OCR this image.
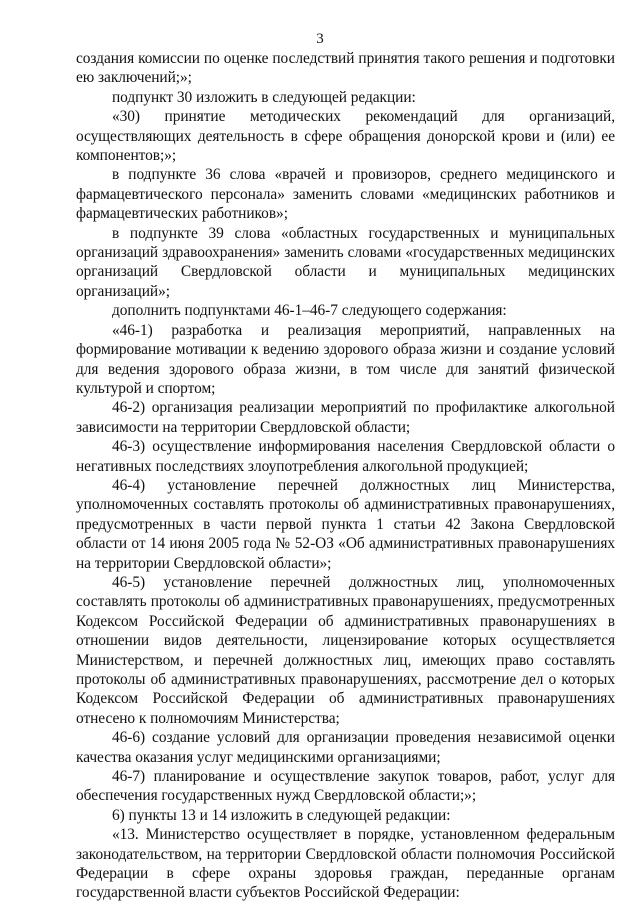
3

создания комиссии по оценке последствий принятия такого решения и подготовки ею заключений;»;

подпункт 30 изложить в следующей редакции:

«30) принятие методических рекомендаций для организаций, осуществляющих деятельность в сфере обращения донорской крови и (или) ее компонентов;»;

в подпункте 36 слова «врачей и провизоров, среднего медицинского и фармацевтического персонала» заменить словами «медицинских работников и фармацевтических работников»;

в подпункте 39 слова «областных государственных и муниципальных организаций здравоохранения» заменить словами «государственных медицинских организаций Свердловской области и муниципальных медицинских организаций»;

дополнить подпунктами 46-1–46-7 следующего содержания:

«46-1) разработка и реализация мероприятий, направленных на формирование мотивации к ведению здорового образа жизни и создание условий для ведения здорового образа жизни, в том числе для занятий физической культурой и спортом;

46-2) организация реализации мероприятий по профилактике алкогольной зависимости на территории Свердловской области;

46-3) осуществление информирования населения Свердловской области о негативных последствиях злоупотребления алкогольной продукцией;

46-4) установление перечней должностных лиц Министерства, уполномоченных составлять протоколы об административных правонарушениях, предусмотренных в части первой пункта 1 статьи 42 Закона Свердловской области от 14 июня 2005 года № 52-ОЗ «Об административных правонарушениях на территории Свердловской области»;

46-5) установление перечней должностных лиц, уполномоченных составлять протоколы об административных правонарушениях, предусмотренных Кодексом Российской Федерации об административных правонарушениях в отношении видов деятельности, лицензирование которых осуществляется Министерством, и перечней должностных лиц, имеющих право составлять протоколы об административных правонарушениях, рассмотрение дел о которых Кодексом Российской Федерации об административных правонарушениях отнесено к полномочиям Министерства;

46-6) создание условий для организации проведения независимой оценки качества оказания услуг медицинскими организациями;

46-7) планирование и осуществление закупок товаров, работ, услуг для обеспечения государственных нужд Свердловской области;»;

6) пункты 13 и 14 изложить в следующей редакции:

«13. Министерство осуществляет в порядке, установленном федеральным законодательством, на территории Свердловской области полномочия Российской Федерации в сфере охраны здоровья граждан, переданные органам государственной власти субъектов Российской Федерации:
